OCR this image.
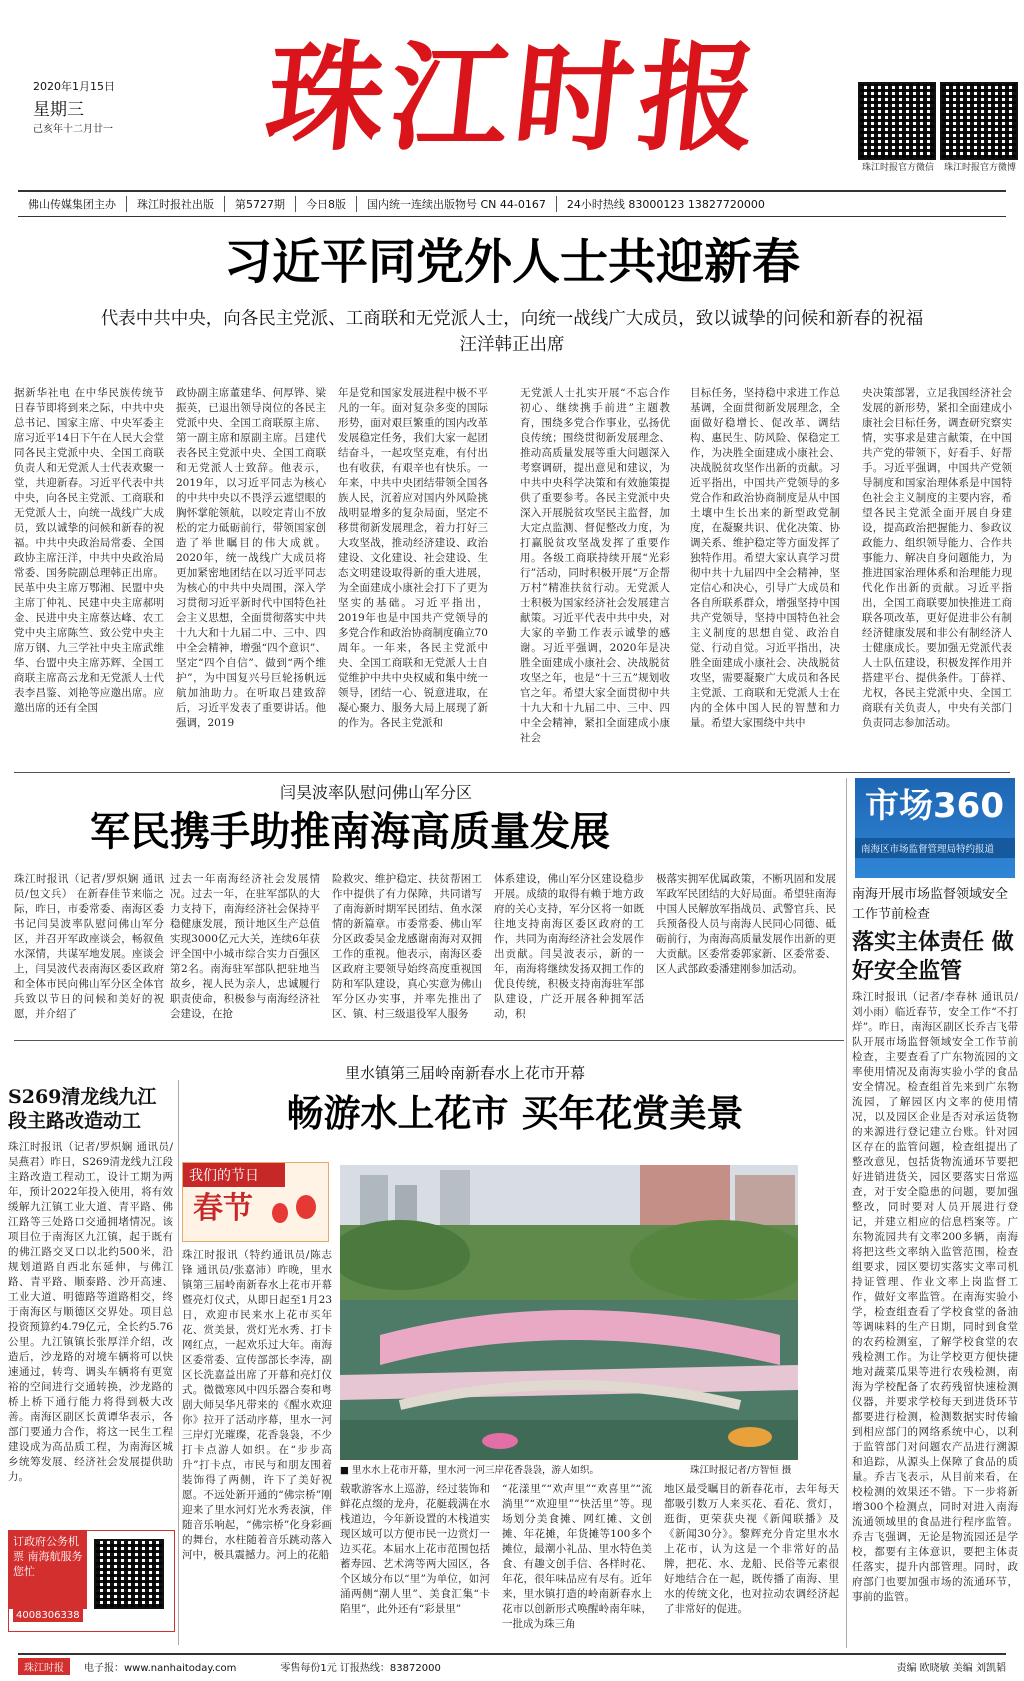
2020年1月15日
星期三
己亥年十二月廿一	珠江时报
珠江时报官方微信	珠江时报官方微博
佛山传媒集团主办	珠江时报社出版	第5727期	今日8版	国内统一连续出版物号 CN 44-0167	24小时热线 83000123 13827720000
习近平同党外人士共迎新春
代表中共中央，向各民主党派、工商联和无党派人士，向统一战线广大成员，致以诚挚的问候和新春的祝福
汪洋韩正出席
据新华社电 在中华民族传统节日春节即将到来之际，中共中央总书记、国家主席、中央军委主席习近平14日下午在人民大会堂同各民主党派中央、全国工商联负责人和无党派人士代表欢聚一堂，共迎新春。习近平代表中共中央，向各民主党派、工商联和无党派人士，向统一战线广大成员，致以诚挚的问候和新春的祝福。中共中央政治局常委、全国政协主席汪洋，中共中央政治局常委、国务院副总理韩正出席。民革中央主席万鄂湘、民盟中央主席丁仲礼、民建中央主席郝明金、民进中央主席蔡达峰、农工党中央主席陈竺、致公党中央主席万钢、九三学社中央主席武维华、台盟中央主席苏辉、全国工商联主席高云龙和无党派人士代表李昌鉴、刘艳等应邀出席。应邀出席的还有全国
政协副主席董建华、何厚铧、梁振英，已退出领导岗位的各民主党派中央、全国工商联原主席、第一副主席和原副主席。吕建代表各民主党派中央、全国工商联和无党派人士致辞。他表示，2019年，以习近平同志为核心的中共中央以不畏浮云遮望眼的胸怀掌舵领航，以咬定青山不放松的定力砥砺前行，带领国家创造了举世瞩目的伟大成就。2020年，统一战线广大成员将更加紧密地团结在以习近平同志为核心的中共中央周围，深入学习贯彻习近平新时代中国特色社会主义思想，全面贯彻落实中共十九大和十九届二中、三中、四中全会精神，增强“四个意识”、坚定“四个自信”、做到“两个维护”，为中国复兴号巨轮扬帆远航加油助力。在听取吕建致辞后，习近平发表了重要讲话。他强调，2019
年是党和国家发展进程中极不平凡的一年。面对复杂多变的国际形势，面对艰巨繁重的国内改革发展稳定任务，我们大家一起团结奋斗，一起攻坚克难，有付出也有收获，有艰辛也有快乐。一年来，中共中央团结带领全国各族人民，沉着应对国内外风险挑战明显增多的复杂局面，坚定不移贯彻新发展理念，着力打好三大攻坚战，推动经济建设、政治建设、文化建设、社会建设、生态文明建设取得新的重大进展，为全面建成小康社会打下了更为坚实的基础。习近平指出，2019年也是中国共产党领导的多党合作和政治协商制度确立70周年。一年来，各民主党派中央、全国工商联和无党派人士自觉维护中共中央权威和集中统一领导，团结一心、锐意进取，在凝心聚力、服务大局上展现了新的作为。各民主党派和
无党派人士扎实开展“不忘合作初心、继续携手前进”主题教育，围绕多党合作事业，弘扬优良传统；围绕贯彻新发展理念、推动高质量发展等重大问题深入考察调研，提出意见和建议，为中共中央科学决策和有效施策提供了重要参考。各民主党派中央深入开展脱贫攻坚民主监督，加大定点监测、督促整改力度，为打赢脱贫攻坚战发挥了重要作用。各级工商联持续开展“光彩行”活动，同时积极开展“万企帮万村”精准扶贫行动。无党派人士积极为国家经济社会发展建言献策。习近平代表中共中央，对大家的辛勤工作表示诚挚的感谢。习近平强调，2020年是决胜全面建成小康社会、决战脱贫攻坚之年，也是“十三五”规划收官之年。希望大家全面贯彻中共十九大和十九届二中、三中、四中全会精神，紧扣全面建成小康社会
目标任务，坚持稳中求进工作总基调，全面贯彻新发展理念，全面做好稳增长、促改革、调结构、惠民生、防风险、保稳定工作，为决胜全面建成小康社会、决战脱贫攻坚作出新的贡献。习近平指出，中国共产党领导的多党合作和政治协商制度是从中国土壤中生长出来的新型政党制度，在凝聚共识、优化决策、协调关系、维护稳定等方面发挥了独特作用。希望大家认真学习贯彻中共十九届四中全会精神，坚定信心和决心，引导广大成员和各自所联系群众，增强坚持中国共产党领导，坚持中国特色社会主义制度的思想自觉、政治自觉、行动自觉。习近平指出，决胜全面建成小康社会、决战脱贫攻坚，需要凝聚广大成员和各民主党派、工商联和无党派人士在内的全体中国人民的智慧和力量。希望大家围绕中共中
央决策部署，立足我国经济社会发展的新形势，紧扣全面建成小康社会目标任务，调查研究察实情，实事求是建言献策，在中国共产党的带领下，好看手、好帮手。习近平强调，中国共产党领导制度和国家治理体系是中国特色社会主义制度的主要内容，希望各民主党派全面开展自身建设，提高政治把握能力、参政议政能力、组织领导能力、合作共事能力、解决自身问题能力，为推进国家治理体系和治理能力现代化作出新的贡献。习近平指出，全国工商联要加快推进工商联各项改革，更好促进非公有制经济健康发展和非公有制经济人士健康成长。要加强无党派代表人士队伍建设，积极发挥作用并搭建平台、提供条件。丁薛祥、尤权，各民主党派中央、全国工商联有关负责人，中央有关部门负责同志参加活动。
闫昊波率队慰问佛山军分区
军民携手助推南海高质量发展
珠江时报讯（记者/罗炽娴 通讯员/包文兵） 在新春佳节来临之际，昨日，市委常委、南海区委书记闫昊波率队慰问佛山军分区，并召开军政座谈会，畅叙鱼水深情，共谋军地发展。座谈会上，闫昊波代表南海区委区政府和全体市民向佛山军分区全体官兵致以节日的问候和美好的祝愿，并介绍了
过去一年南海经济社会发展情况。过去一年，在驻军部队的大力支持下，南海经济社会保持平稳健康发展，预计地区生产总值实现3000亿元大关，连续6年获评全国中小城市综合实力百强区第2名。南海驻军部队把驻地当故乡，视人民为亲人，忠诚履行职责使命，积极参与南海经济社会建设，在抢
险救灾、维护稳定、扶贫帮困工作中提供了有力保障，共同谱写了南海新时期军民团结、鱼水深情的新篇章。市委常委、佛山军分区政委吴金龙感谢南海对双拥工作的重视。他表示，南海区委区政府主要领导始终高度重视国防和军队建设，真心实意为佛山军分区办实事，并率先推出了区、镇、村三级退役军人服务
体系建设，佛山军分区建设稳步开展。成绩的取得有赖于地方政府的关心支持，军分区将一如既往地支持南海区委区政府的工作，共同为南海经济社会发展作出贡献。闫昊波表示，新的一年，南海将继续发扬双拥工作的优良传统，积极支持南海驻军部队建设，广泛开展各种拥军活动，积
极落实拥军优属政策，不断巩固和发展军政军民团结的大好局面。希望驻南海中国人民解放军指战员、武警官兵、民兵预备役人员与南海人民同心同德、砥砺前行，为南海高质量发展作出新的更大贡献。区委常委郭家新、区委常委、区人武部政委潘建刚参加活动。
市场360
南海区市场监督管理局特约报道
南海开展市场监督领域安全工作节前检查
落实主体责任 做好安全监管
珠江时报讯（记者/李春林 通讯员/刘小雨）临近春节，安全工作“不打烊”。昨日，南海区副区长乔吉飞带队开展市场监督领域安全工作节前检查，主要查看了广东物流园的文率使用情况及南海实验小学的食品安全情况。检查组首先来到广东物流园，了解园区内文率的使用情况，以及园区企业是否对承运货物的来源进行登记建立台账。针对园区存在的监管问题，检查组提出了整改意见，包括货物流通环节要把好进销进货关，园区要落实日常巡查，对于安全隐患的问题，要加强整改，同时要对人员开展进行登记，并建立相应的信息档案等。广东物流园共有文率200多辆，南海将把这些文率纳入监管范围，检查组要求，园区要切实落实文率司机持证管理、作业文率上岗监督工作，做好文率监管。在南海实验小学，检查组查看了学校食堂的备油等调味料的生产日期，同时到食堂的农药检测室，了解学校食堂的农残检测工作。为让学校更方便快捷地对蔬菜瓜果等进行农残检测，南海为学校配备了农药残留快速检测仪器，并要求学校每天到进货环节都要进行检测，检测数据实时传输到相应部门的网络系统中心，以利于监管部门对问题农产品进行溯源和追踪，从源头上保障了食品的质量。乔吉飞表示，从目前来看，在校检测的效果还不错。下一步将新增300个检测点，同时对进入南海流通领域里的食品进行程序监管。乔吉飞强调，无论是物流园还是学校，都要有主体意识，要把主体责任落实，提升内部管理。同时，政府部门也要加强市场的流通环节，事前的监管。
S269清龙线九江段主路改造动工
珠江时报讯（记者/罗炽娴 通讯员/吴燕君）昨日，S269清龙线九江段主路改造工程动工，设计工期为两年，预计2022年投入使用，将有效缓解九江镇工业大道、青平路、佛江路等三处路口交通拥堵情况。该项目位于南海区九江镇，起于既有的佛江路交叉口以北约500米，沿规划道路自西北东延伸，与佛江路、青平路、顺泰路、沙开高速、工业大道、明德路等道路相交，终于南海区与顺德区交界处。项目总投资预算约4.79亿元，全长约5.76公里。九江镇镇长张厚洋介绍，改造后，沙龙路的对境车辆将可以快速通过，转弯、调头车辆将有更宽裕的空间进行交通转换，沙龙路的桥上桥下通行能力将得到极大改善。南海区副区长黄谭华表示，各部门要通力合作，将这一民生工程建设成为高品质工程，为南海区城乡统筹发展、经济社会发展提供助力。
订政府公务机票 南海航服务您忙
4008306338
里水镇第三届岭南新春水上花市开幕
畅游水上花市 买年花赏美景
我们的节日
春节
珠江时报讯（特约通讯员/陈志锋 通讯员/张嘉沛）昨晚，里水镇第三届岭南新春水上花市开幕暨亮灯仪式，从即日起至1月23日，欢迎市民来水上花市买年花、赏美景，赏灯光水秀、打卡网红点，一起欢乐过大年。南海区委常委、宣传部部长李涛，副区长洗嘉益出席了开幕和亮灯仪式。微微寒风中四乐器合奏和粤剧大师吴华凡带来的《醒水欢迎你》拉开了活动序幕，里水一河三岸灯光璀璨，花香袅袅，不少打卡点游人如织。在“步步高升”打卡点，市民与和朋友围着装饰得了两侧，许下了美好祝愿。不远处新开通的“佛宗桥”刚迎来了里水河灯光水秀表演，伴随音乐响起，“佛宗桥”化身彩画的舞台，水柱随着音乐跳动落入河中，极具震撼力。河上的花船
■ 里水水上花市开幕，里水河一河三岸花香袅袅，游人如织。	珠江时报记者/方智恒 摄
载歌游客水上巡游，经过装饰和鲜花点缀的龙舟，花艇载满在水栈道边，今年新设置的木栈道实现区域可以方便市民一边赏灯一边买花。本届水上花市范围包括蓄寿园、艺术湾等两大园区，各个区域分布以“里”为单位，如河涌两侧“潮人里”、美食汇集“卡陷里”，此外还有“彩景里”
“花漾里”“欢声里”“欢喜里”“流淌里”“欢迎里”“快活里”等。现场划分美食摊、网红摊、文创摊、年花摊，年货摊等100多个摊位，最潮小礼品、里水特色美食、有趣文创手信、各样时花、年花，很年味品应有尽有。近年来，里水镇打造的岭南新春水上花市以创新形式唤醒岭南年味，一批成为珠三角
地区最受瞩目的新春花市，去年每天都吸引数万人来买花、看花、赏灯，逛街，更荣获央视《新闻联播》及《新闻30分》。黎辉充分肯定里水水上花市，认为这是一个非常好的品牌，把花、水、龙船、民俗等元素很好地结合在一起，既传播了南海、里水的传统文化，也对拉动农调经济起了非常好的促进。
珠江时报	电子报：www.nanhaitoday.com	零售每份1元 订报热线：83872000	责编 欧晓敏 美编 刘凯韬
